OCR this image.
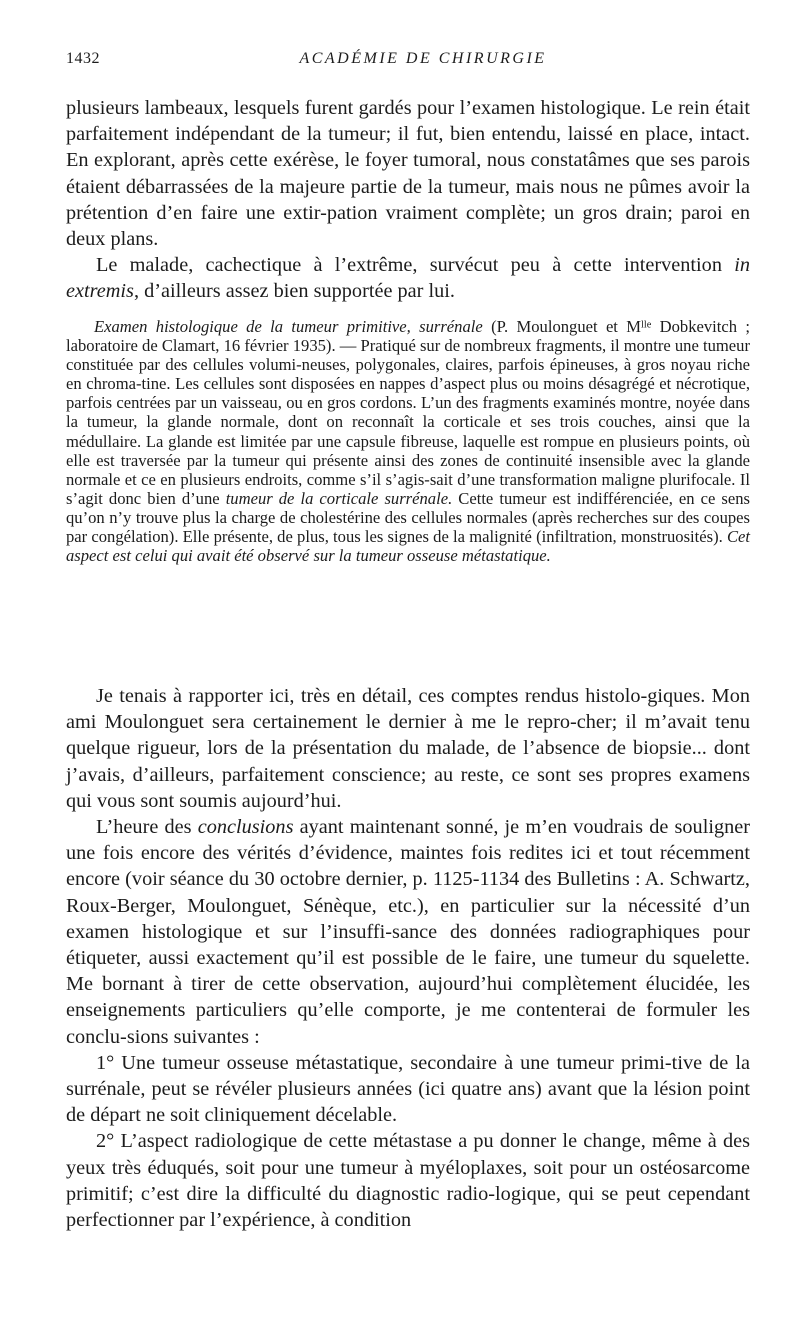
1432	ACADÉMIE DE CHIRURGIE

plusieurs lambeaux, lesquels furent gardés pour l’examen histologique. Le rein était parfaitement indépendant de la tumeur; il fut, bien entendu, laissé en place, intact. En explorant, après cette exérèse, le foyer tumoral, nous constatâmes que ses parois étaient débarrassées de la majeure partie de la tumeur, mais nous ne pûmes avoir la prétention d’en faire une extir-pation vraiment complète; un gros drain; paroi en deux plans.

Le malade, cachectique à l’extrême, survécut peu à cette intervention in extremis, d’ailleurs assez bien supportée par lui.

Examen histologique de la tumeur primitive, surrénale (P. Moulonguet et $M^{lle}$ Dobkevitch ; laboratoire de Clamart, 16 février 1935). — Pratiqué sur de nombreux fragments, il montre une tumeur constituée par des cellules volumi-neuses, polygonales, claires, parfois épineuses, à gros noyau riche en chroma-tine. Les cellules sont disposées en nappes d’aspect plus ou moins désagrégé et nécrotique, parfois centrées par un vaisseau, ou en gros cordons. L’un des fragments examinés montre, noyée dans la tumeur, la glande normale, dont on reconnaît la corticale et ses trois couches, ainsi que la médullaire. La glande est limitée par une capsule fibreuse, laquelle est rompue en plusieurs points, où elle est traversée par la tumeur qui présente ainsi des zones de continuité insensible avec la glande normale et ce en plusieurs endroits, comme s’il s’agis-sait d’une transformation maligne plurifocale. Il s’agit donc bien d’une tumeur de la corticale surrénale. Cette tumeur est indifférenciée, en ce sens qu’on n’y trouve plus la charge de cholestérine des cellules normales (après recherches sur des coupes par congélation). Elle présente, de plus, tous les signes de la malignité (infiltration, monstruosités). Cet aspect est celui qui avait été observé sur la tumeur osseuse métastatique.

Je tenais à rapporter ici, très en détail, ces comptes rendus histolo-giques. Mon ami Moulonguet sera certainement le dernier à me le repro-cher; il m’avait tenu quelque rigueur, lors de la présentation du malade, de l’absence de biopsie... dont j’avais, d’ailleurs, parfaitement conscience; au reste, ce sont ses propres examens qui vous sont soumis aujourd’hui.

L’heure des conclusions ayant maintenant sonné, je m’en voudrais de souligner une fois encore des vérités d’évidence, maintes fois redites ici et tout récemment encore (voir séance du 30 octobre dernier, p. 1125-1134 des Bulletins : A. Schwartz, Roux-Berger, Moulonguet, Sénèque, etc.), en particulier sur la nécessité d’un examen histologique et sur l’insuffi-sance des données radiographiques pour étiqueter, aussi exactement qu’il est possible de le faire, une tumeur du squelette. Me bornant à tirer de cette observation, aujourd’hui complètement élucidée, les enseignements particuliers qu’elle comporte, je me contenterai de formuler les conclu-sions suivantes :

1° Une tumeur osseuse métastatique, secondaire à une tumeur primi-tive de la surrénale, peut se révéler plusieurs années (ici quatre ans) avant que la lésion point de départ ne soit cliniquement décelable.

2° L’aspect radiologique de cette métastase a pu donner le change, même à des yeux très éduqués, soit pour une tumeur à myéloplaxes, soit pour un ostéosarcome primitif; c’est dire la difficulté du diagnostic radio-logique, qui se peut cependant perfectionner par l’expérience, à condition
